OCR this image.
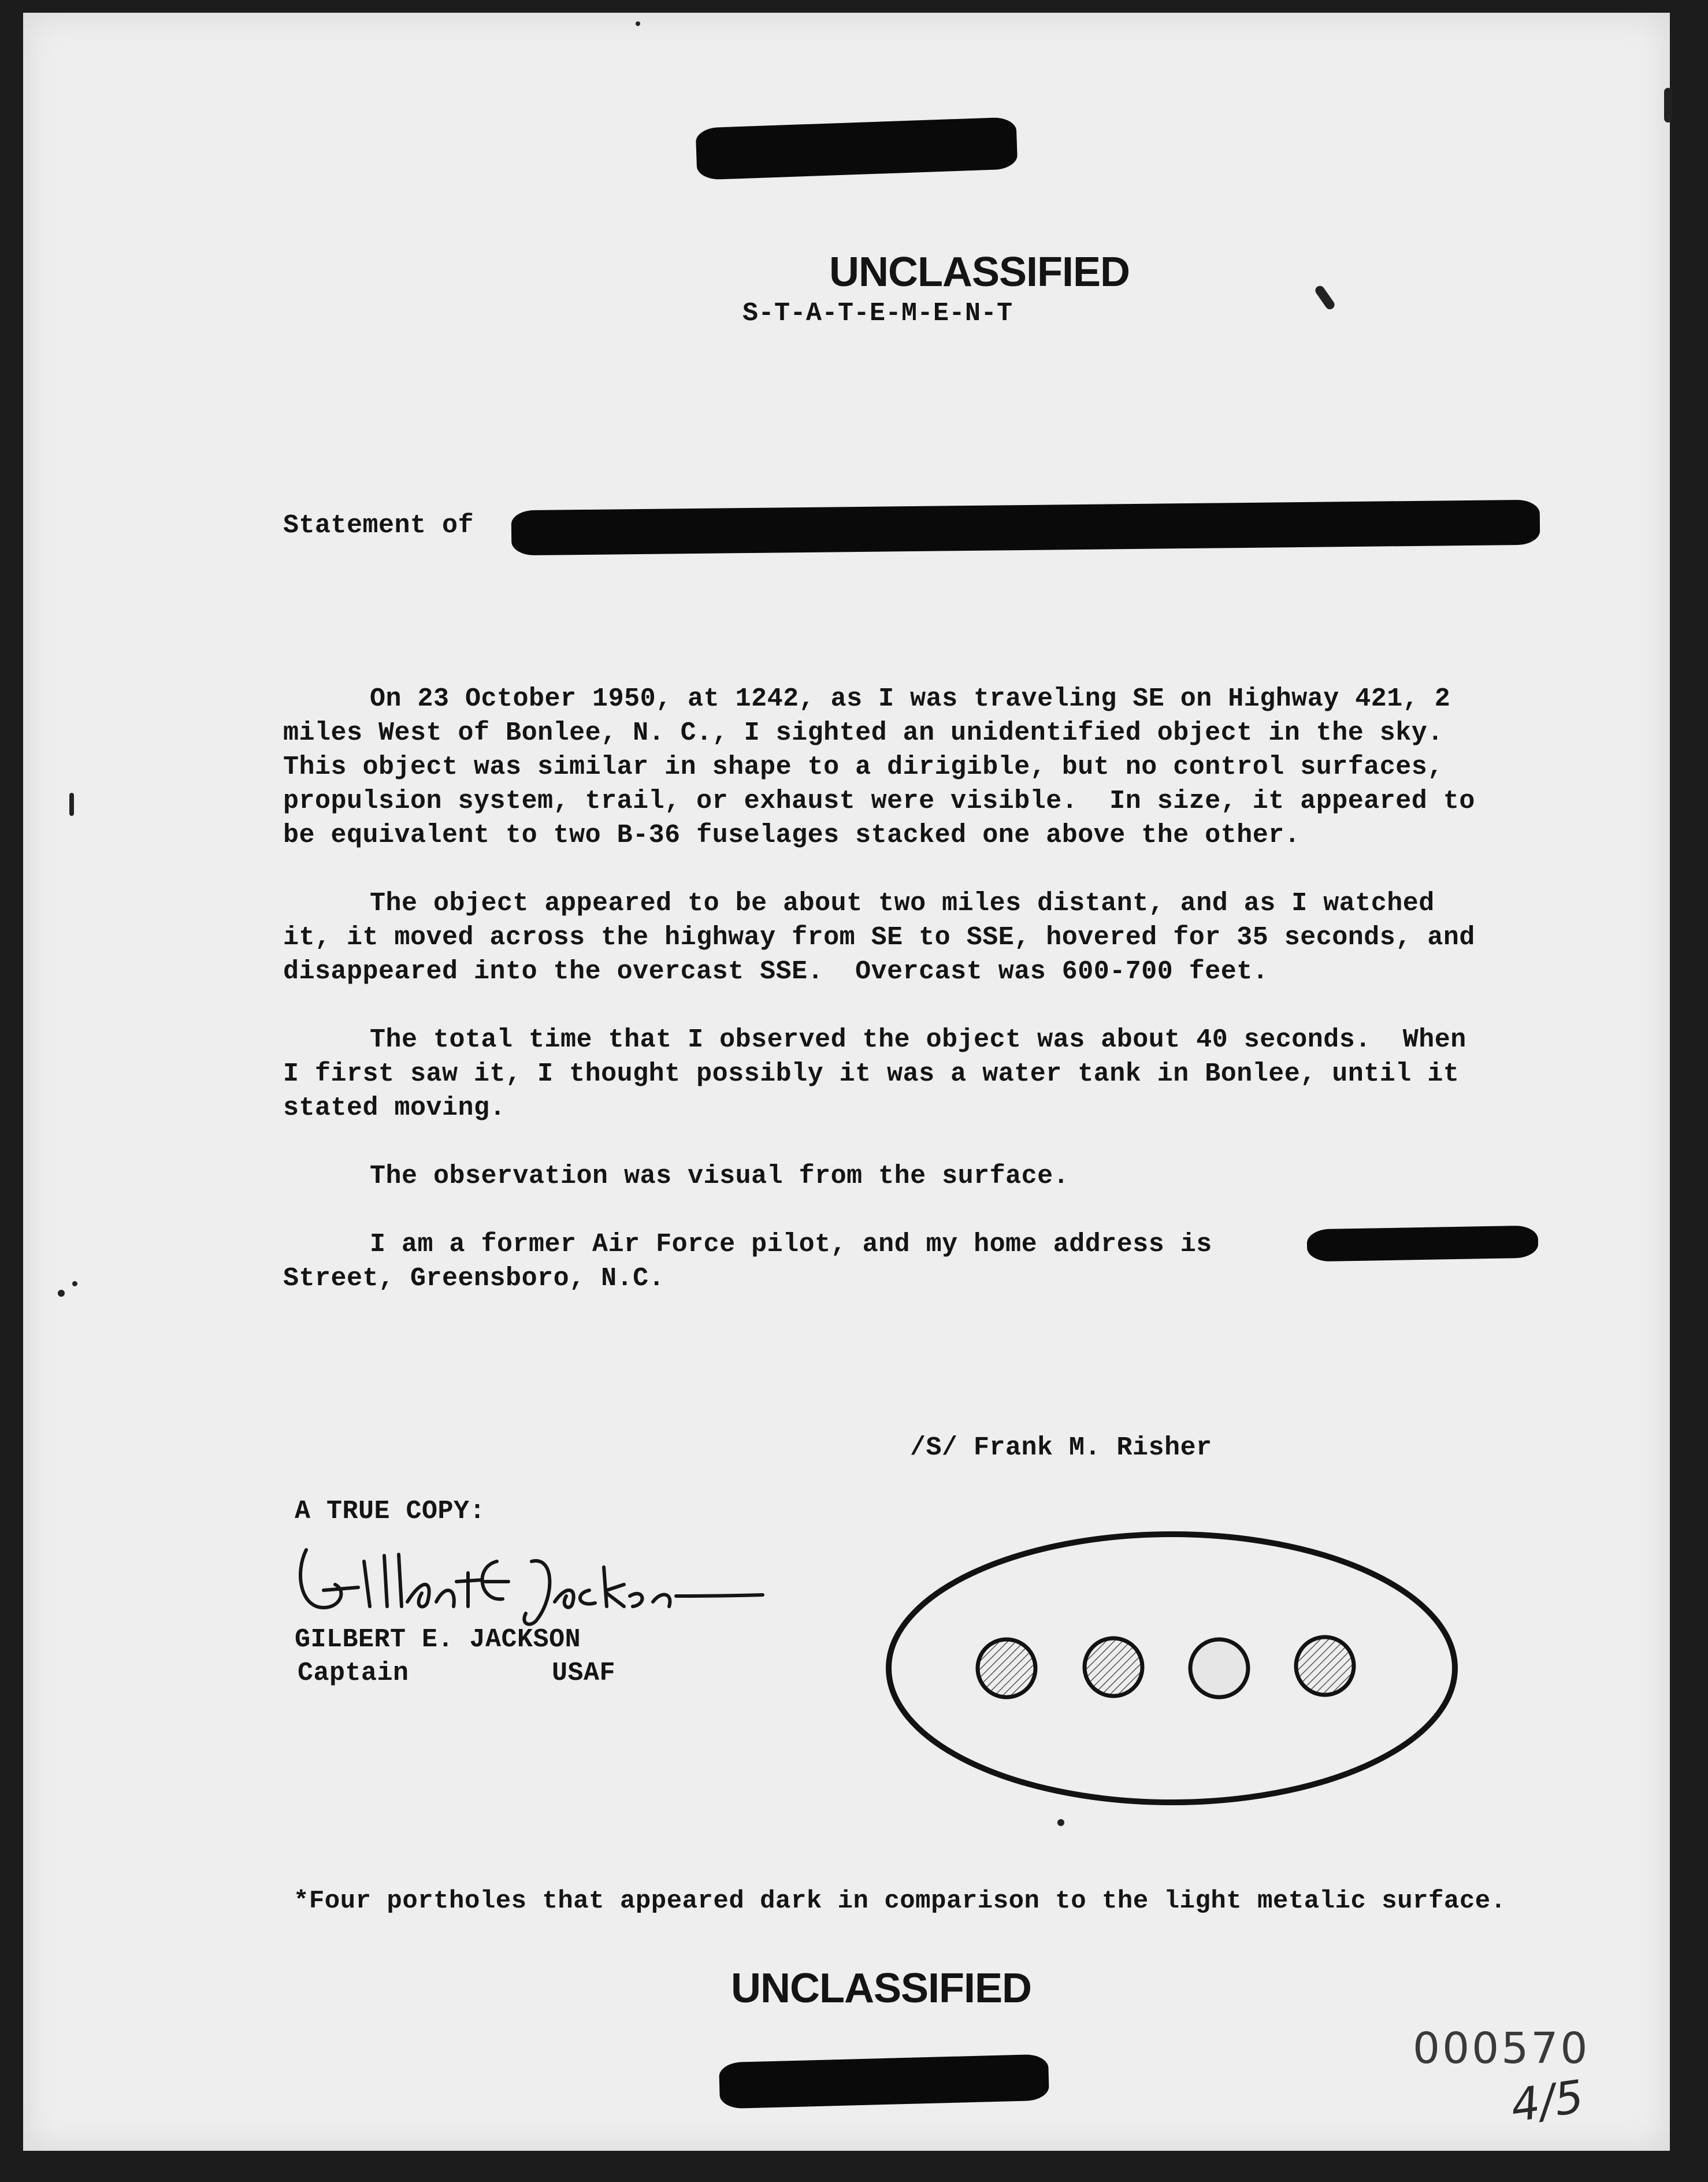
UNCLASSIFIED
S-T-A-T-E-M-E-N-T
Statement of
On 23 October 1950, at 1242, as I was traveling SE on Highway 421, 2
miles West of Bonlee, N. C., I sighted an unidentified object in the sky.
This object was similar in shape to a dirigible, but no control surfaces,
propulsion system, trail, or exhaust were visible.  In size, it appeared to
be equivalent to two B-36 fuselages stacked one above the other.
The object appeared to be about two miles distant, and as I watched
it, it moved across the highway from SE to SSE, hovered for 35 seconds, and
disappeared into the overcast SSE.  Overcast was 600-700 feet.
The total time that I observed the object was about 40 seconds.  When
I first saw it, I thought possibly it was a water tank in Bonlee, until it
stated moving.
The observation was visual from the surface.
I am a former Air Force pilot, and my home address is
Street, Greensboro, N.C.
/S/ Frank M. Risher
A TRUE COPY:
GILBERT E. JACKSON
Captain	USAF
*Four portholes that appeared dark in comparison to the light metalic surface.
UNCLASSIFIED
000570
4/5
